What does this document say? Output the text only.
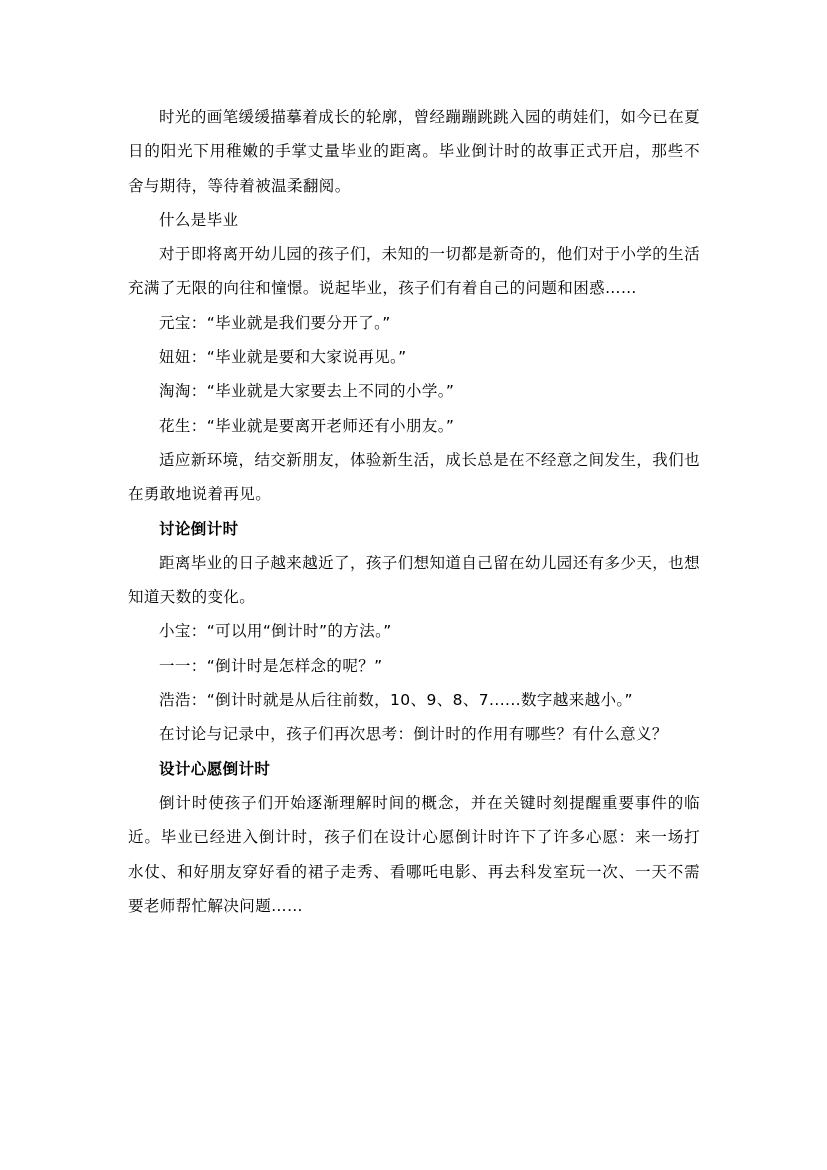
时光的画笔缓缓描摹着成长的轮廓，曾经蹦蹦跳跳入园的萌娃们，如今已在夏日的阳光下用稚嫩的手掌丈量毕业的距离。毕业倒计时的故事正式开启，那些不舍与期待，等待着被温柔翻阅。

什么是毕业

对于即将离开幼儿园的孩子们，未知的一切都是新奇的，他们对于小学的生活充满了无限的向往和憧憬。说起毕业，孩子们有着自己的问题和困惑……

元宝：“毕业就是我们要分开了。”

妞妞：“毕业就是要和大家说再见。”

淘淘：“毕业就是大家要去上不同的小学。”

花生：“毕业就是要离开老师还有小朋友。”

适应新环境，结交新朋友，体验新生活，成长总是在不经意之间发生，我们也在勇敢地说着再见。

讨论倒计时

距离毕业的日子越来越近了，孩子们想知道自己留在幼儿园还有多少天，也想知道天数的变化。

小宝：“可以用“倒计时”的方法。”

一一：“倒计时是怎样念的呢？”

浩浩：“倒计时就是从后往前数，10、9、8、7......数字越来越小。”

在讨论与记录中，孩子们再次思考：倒计时的作用有哪些？有什么意义？

设计心愿倒计时

倒计时使孩子们开始逐渐理解时间的概念，并在关键时刻提醒重要事件的临近。毕业已经进入倒计时，孩子们在设计心愿倒计时许下了许多心愿：来一场打水仗、和好朋友穿好看的裙子走秀、看哪吒电影、再去科发室玩一次、一天不需要老师帮忙解决问题……
